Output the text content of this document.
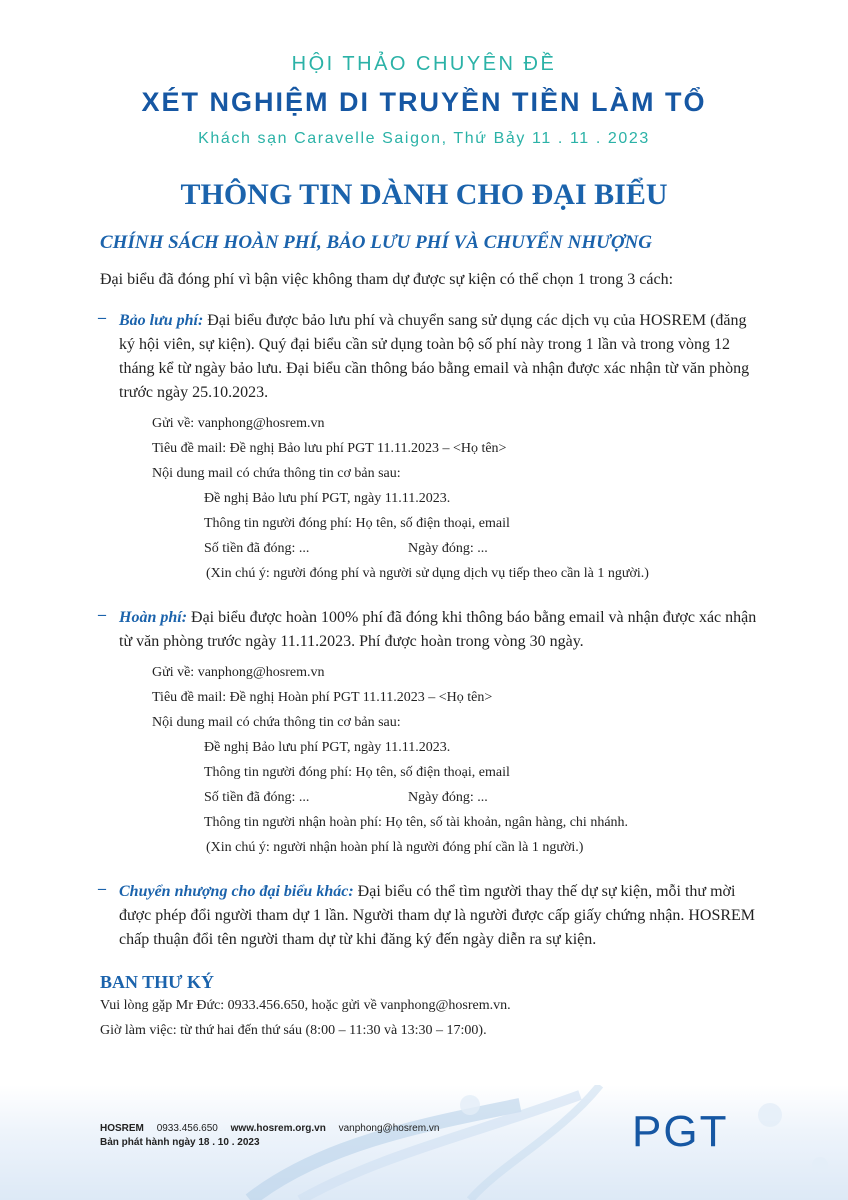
HỘI THẢO CHUYÊN ĐỀ
XÉT NGHIỆM DI TRUYỀN TIỀN LÀM TỔ
Khách sạn Caravelle Saigon, Thứ Bảy 11 . 11 . 2023
THÔNG TIN DÀNH CHO ĐẠI BIỂU
CHÍNH SÁCH HOÀN PHÍ, BẢO LƯU PHÍ VÀ CHUYỂN NHƯỢNG
Đại biểu đã đóng phí vì bận việc không tham dự được sự kiện có thể chọn 1 trong 3 cách:
– Bảo lưu phí: Đại biểu được bảo lưu phí và chuyển sang sử dụng các dịch vụ của HOSREM (đăng ký hội viên, sự kiện). Quý đại biểu cần sử dụng toàn bộ số phí này trong 1 lần và trong vòng 12 tháng kể từ ngày bảo lưu. Đại biểu cần thông báo bằng email và nhận được xác nhận từ văn phòng trước ngày 25.10.2023.
Gửi về: vanphong@hosrem.vn
Tiêu đề mail: Đề nghị Bảo lưu phí PGT 11.11.2023 – <Họ tên>
Nội dung mail có chứa thông tin cơ bản sau:
Đề nghị Bảo lưu phí PGT, ngày 11.11.2023.
Thông tin người đóng phí: Họ tên, số điện thoại, email
Số tiền đã đóng: ...	Ngày đóng: ...
(Xin chú ý: người đóng phí và người sử dụng dịch vụ tiếp theo cần là 1 người.)
– Hoàn phí: Đại biểu được hoàn 100% phí đã đóng khi thông báo bằng email và nhận được xác nhận từ văn phòng trước ngày 11.11.2023. Phí được hoàn trong vòng 30 ngày.
Gửi về: vanphong@hosrem.vn
Tiêu đề mail: Đề nghị Hoàn phí PGT 11.11.2023 – <Họ tên>
Nội dung mail có chứa thông tin cơ bản sau:
Đề nghị Bảo lưu phí PGT, ngày 11.11.2023.
Thông tin người đóng phí: Họ tên, số điện thoại, email
Số tiền đã đóng: ...	Ngày đóng: ...
Thông tin người nhận hoàn phí: Họ tên, số tài khoản, ngân hàng, chi nhánh.
(Xin chú ý: người nhận hoàn phí là người đóng phí cần là 1 người.)
– Chuyển nhượng cho đại biểu khác: Đại biểu có thể tìm người thay thế dự sự kiện, mỗi thư mời được phép đổi người tham dự 1 lần. Người tham dự là người được cấp giấy chứng nhận. HOSREM chấp thuận đổi tên người tham dự từ khi đăng ký đến ngày diễn ra sự kiện.
BAN THƯ KÝ
Vui lòng gặp Mr Đức: 0933.456.650, hoặc gửi về vanphong@hosrem.vn.
Giờ làm việc: từ thứ hai đến thứ sáu (8:00 – 11:30 và 13:30 – 17:00).
HOSREM 0933.456.650 www.hosrem.org.vn vanphong@hosrem.vn
Bản phát hành ngày 18 . 10 . 2023	PGT
